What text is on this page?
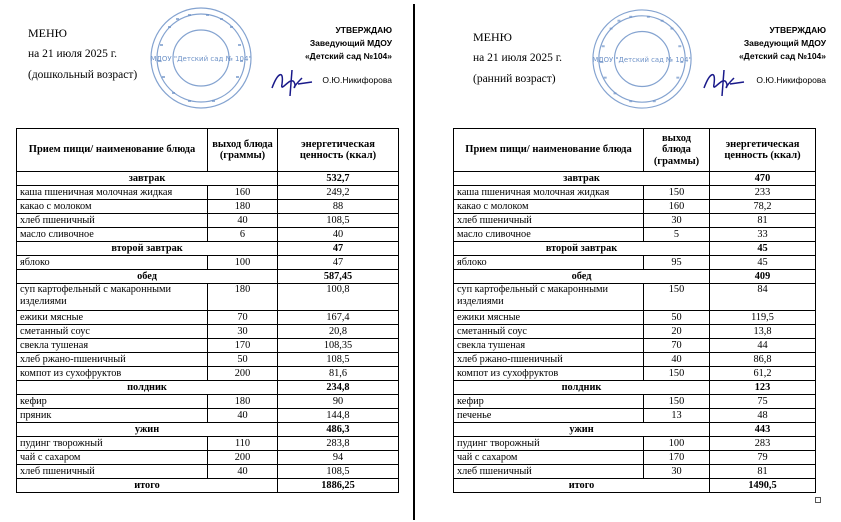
МЕНЮ
на 21 июля 2025 г.
(дошкольный возраст)
МДОУ "Детский сад № 104"
УТВЕРЖДАЮ
Заведующий МДОУ
«Детский сад №104»
О.Ю.Никифорова
Прием пищи/ наименование блюда	выход блюда (граммы)	энергетическая ценность (ккал)
завтрак		532,7
каша пшеничная молочная жидкая	160	249,2
какао с молоком	180	88
хлеб пшеничный	40	108,5
масло сливочное	6	40
второй завтрак		47
яблоко	100	47
обед		587,45
суп картофельный с макаронными изделиями	180	100,8
ежики мясные	70	167,4
сметанный соус	30	20,8
свекла тушеная	170	108,35
хлеб ржано-пшеничный	50	108,5
компот из сухофруктов	200	81,6
полдник		234,8
кефир	180	90
пряник	40	144,8
ужин		486,3
пудинг творожный	110	283,8
чай с сахаром	200	94
хлеб пшеничный	40	108,5
итого		1886,25
МЕНЮ
на 21 июля 2025 г.
(ранний возраст)
МДОУ "Детский сад № 104"
УТВЕРЖДАЮ
Заведующий МДОУ
«Детский сад №104»
О.Ю.Никифорова
Прием пищи/ наименование блюда	выход блюда (граммы)	энергетическая ценность (ккал)
завтрак		470
каша пшеничная молочная жидкая	150	233
какао с молоком	160	78,2
хлеб пшеничный	30	81
масло сливочное	5	33
второй завтрак		45
яблоко	95	45
обед		409
суп картофельный с макаронными изделиями	150	84
ежики мясные	50	119,5
сметанный соус	20	13,8
свекла тушеная	70	44
хлеб ржано-пшеничный	40	86,8
компот из сухофруктов	150	61,2
полдник		123
кефир	150	75
печенье	13	48
ужин		443
пудинг творожный	100	283
чай с сахаром	170	79
хлеб пшеничный	30	81
итого		1490,5
